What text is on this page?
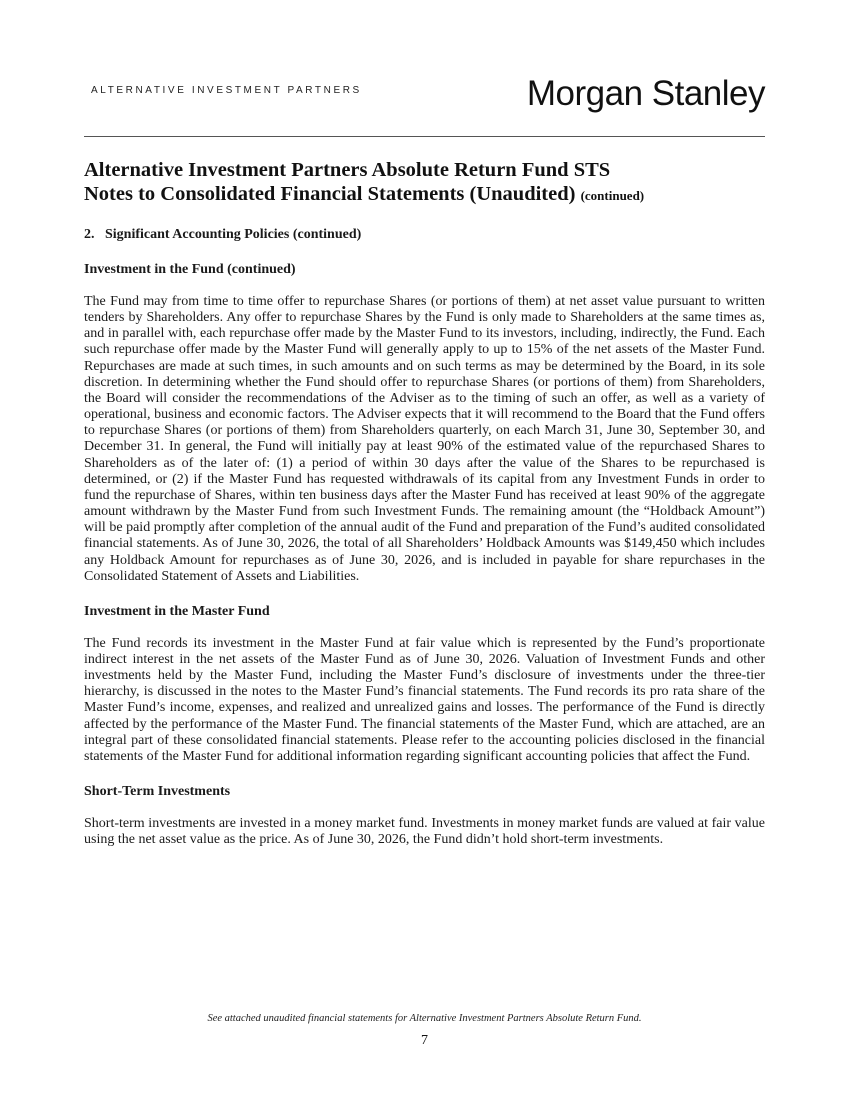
ALTERNATIVE INVESTMENT PARTNERS	Morgan Stanley
Alternative Investment Partners Absolute Return Fund STS
Notes to Consolidated Financial Statements (Unaudited) (continued)
2.   Significant Accounting Policies (continued)
Investment in the Fund (continued)

The Fund may from time to time offer to repurchase Shares (or portions of them) at net asset value pursuant to written tenders by Shareholders. Any offer to repurchase Shares by the Fund is only made to Shareholders at the same times as, and in parallel with, each repurchase offer made by the Master Fund to its investors, including, indirectly, the Fund. Each such repurchase offer made by the Master Fund will generally apply to up to 15% of the net assets of the Master Fund. Repurchases are made at such times, in such amounts and on such terms as may be determined by the Board, in its sole discretion. In determining whether the Fund should offer to repurchase Shares (or portions of them) from Shareholders, the Board will consider the recommendations of the Adviser as to the timing of such an offer, as well as a variety of operational, business and economic factors. The Adviser expects that it will recommend to the Board that the Fund offers to repurchase Shares (or portions of them) from Shareholders quarterly, on each March 31, June 30, September 30, and December 31. In general, the Fund will initially pay at least 90% of the estimated value of the repurchased Shares to Shareholders as of the later of: (1) a period of within 30 days after the value of the Shares to be repurchased is determined, or (2) if the Master Fund has requested withdrawals of its capital from any Investment Funds in order to fund the repurchase of Shares, within ten business days after the Master Fund has received at least 90% of the aggregate amount withdrawn by the Master Fund from such Investment Funds. The remaining amount (the “Holdback Amount”) will be paid promptly after completion of the annual audit of the Fund and preparation of the Fund’s audited consolidated financial statements. As of June 30, 2026, the total of all Shareholders’ Holdback Amounts was $149,450 which includes any Holdback Amount for repurchases as of June 30, 2026, and is included in payable for share repurchases in the Consolidated Statement of Assets and Liabilities.

Investment in the Master Fund

The Fund records its investment in the Master Fund at fair value which is represented by the Fund’s proportionate indirect interest in the net assets of the Master Fund as of June 30, 2026. Valuation of Investment Funds and other investments held by the Master Fund, including the Master Fund’s disclosure of investments under the three-tier hierarchy, is discussed in the notes to the Master Fund’s financial statements. The Fund records its pro rata share of the Master Fund’s income, expenses, and realized and unrealized gains and losses. The performance of the Fund is directly affected by the performance of the Master Fund. The financial statements of the Master Fund, which are attached, are an integral part of these consolidated financial statements. Please refer to the accounting policies disclosed in the financial statements of the Master Fund for additional information regarding significant accounting policies that affect the Fund.

Short-Term Investments

Short-term investments are invested in a money market fund. Investments in money market funds are valued at fair value using the net asset value as the price. As of June 30, 2026, the Fund didn’t hold short-term investments.

See attached unaudited financial statements for Alternative Investment Partners Absolute Return Fund.
7
